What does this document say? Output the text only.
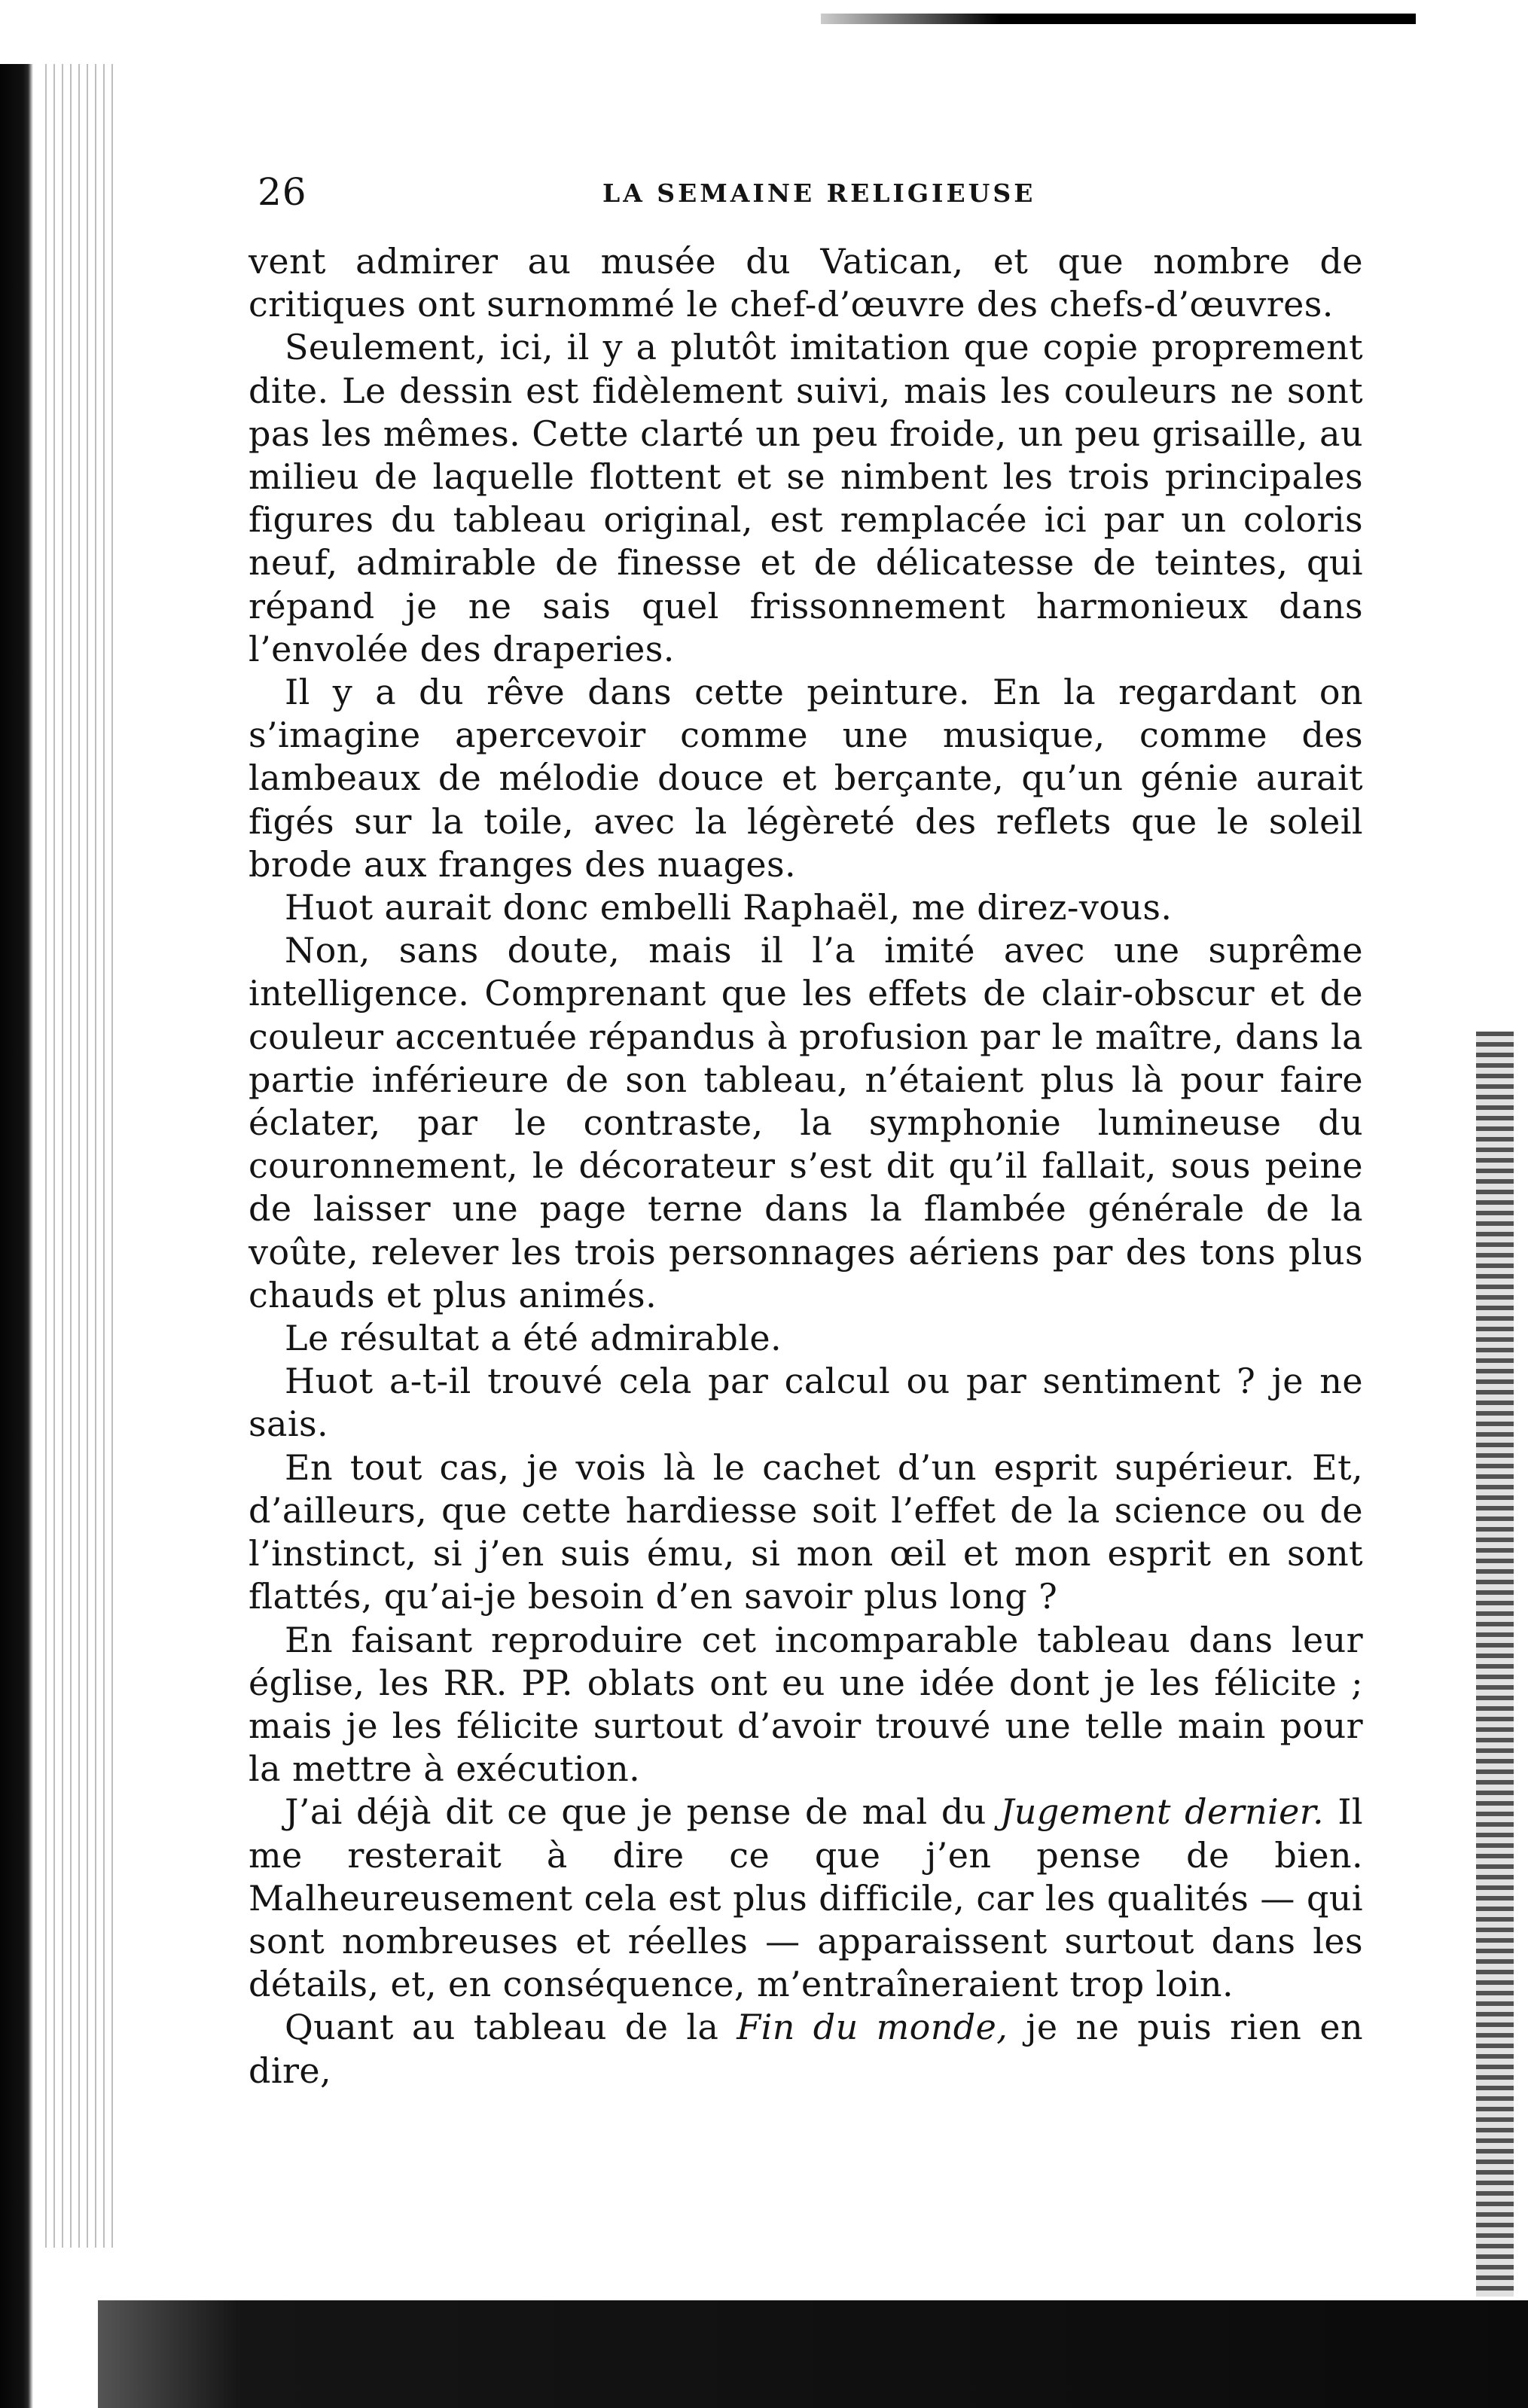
26	LA SEMAINE RELIGIEUSE

vent admirer au musée du Vatican, et que nombre de critiques ont surnommé le chef-d’œuvre des chefs-d’œuvres.

Seulement, ici, il y a plutôt imitation que copie proprement dite. Le dessin est fidèlement suivi, mais les couleurs ne sont pas les mêmes. Cette clarté un peu froide, un peu grisaille, au milieu de laquelle flottent et se nimbent les trois principales figures du tableau original, est remplacée ici par un coloris neuf, admirable de finesse et de délicatesse de teintes, qui répand je ne sais quel frissonnement harmonieux dans l’envolée des draperies.

Il y a du rêve dans cette peinture. En la regardant on s’imagine apercevoir comme une musique, comme des lambeaux de mélodie douce et berçante, qu’un génie aurait figés sur la toile, avec la légèreté des reflets que le soleil brode aux franges des nuages.

Huot aurait donc embelli Raphaël, me direz-vous.

Non, sans doute, mais il l’a imité avec une suprême intelligence. Comprenant que les effets de clair-obscur et de couleur accentuée répandus à profusion par le maître, dans la partie inférieure de son tableau, n’étaient plus là pour faire éclater, par le contraste, la symphonie lumineuse du couronnement, le décorateur s’est dit qu’il fallait, sous peine de laisser une page terne dans la flambée générale de la voûte, relever les trois personnages aériens par des tons plus chauds et plus animés.

Le résultat a été admirable.

Huot a-t-il trouvé cela par calcul ou par sentiment ? je ne sais.

En tout cas, je vois là le cachet d’un esprit supérieur. Et, d’ailleurs, que cette hardiesse soit l’effet de la science ou de l’instinct, si j’en suis ému, si mon œil et mon esprit en sont flattés, qu’ai-je besoin d’en savoir plus long ?

En faisant reproduire cet incomparable tableau dans leur église, les RR. PP. oblats ont eu une idée dont je les félicite ; mais je les félicite surtout d’avoir trouvé une telle main pour la mettre à exécution.

J’ai déjà dit ce que je pense de mal du Jugement dernier. Il me resterait à dire ce que j’en pense de bien. Malheureusement cela est plus difficile, car les qualités — qui sont nombreuses et réelles — apparaissent surtout dans les détails, et, en conséquence, m’entraîneraient trop loin.

Quant au tableau de la Fin du monde, je ne puis rien en dire,
